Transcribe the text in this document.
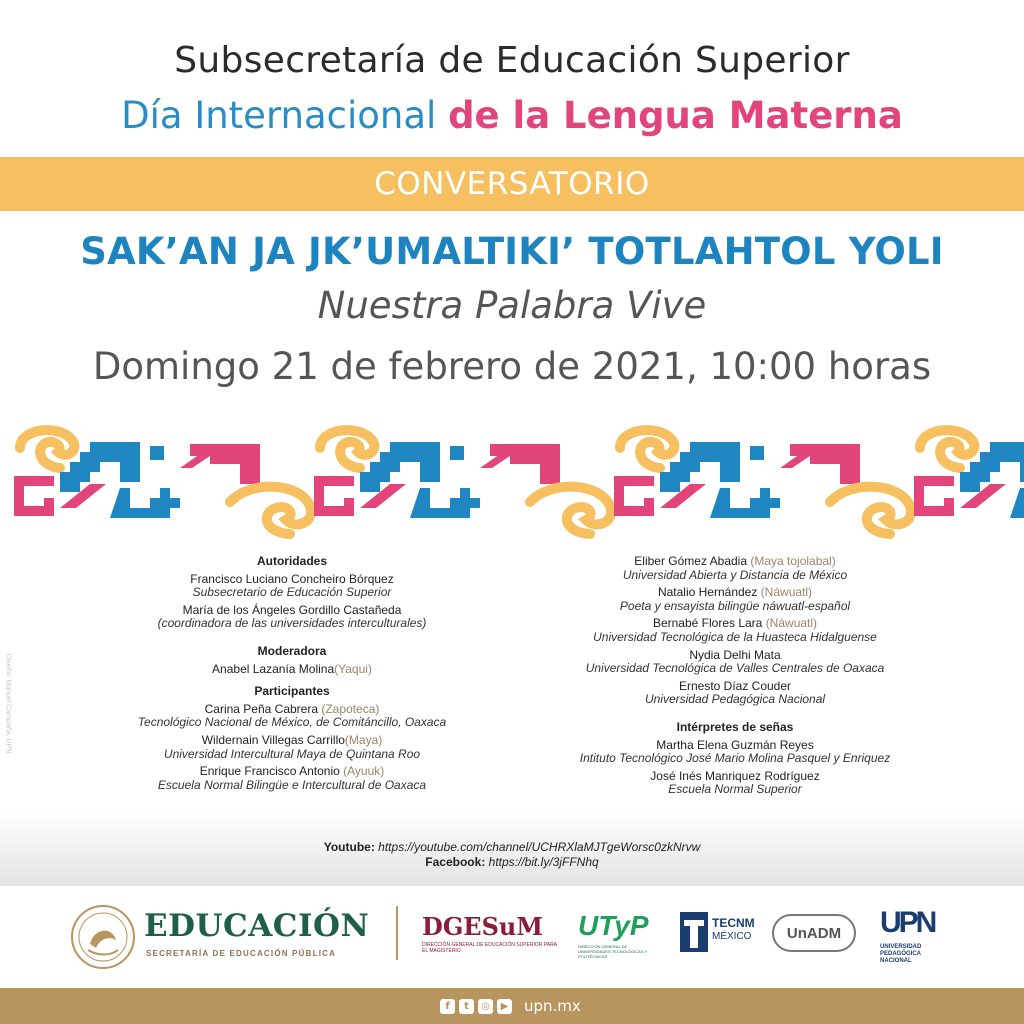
Subsecretaría de Educación Superior
Día Internacional de la Lengua Materna
CONVERSATORIO
SAK’AN JA JK’UMALTIKI’ TOTLAHTOL YOLI
Nuestra Palabra Vive
Domingo 21 de febrero de 2021, 10:00 horas
Autoridades
Francisco Luciano Concheiro Bórquez
Subsecretario de Educación Superior
María de los Ángeles Gordillo Castañeda
(coordinadora de las universidades interculturales)
Moderadora
Anabel Lazanía Molina(Yaqui)
Participantes
Carina Peña Cabrera (Zapoteca)
Tecnológico Nacional de México, de Comitáncillo, Oaxaca
Wildernain Villegas Carrillo(Maya)
Universidad Intercultural Maya de Quintana Roo
Enrique Francisco Antonio (Ayuuk)
Escuela Normal Bilingüe e Intercultural de Oaxaca
Eliber Gómez Abadia (Maya tojolabal)
Universidad Abierta y Distancia de México
Natalio Hernández (Náwuatl)
Poeta y ensayista bilingüe náwuatl-español
Bernabé Flores Lara (Náwuatl)
Universidad Tecnológica de la Huasteca Hidalguense
Nydia Delhi Mata
Universidad Tecnológica de Valles Centrales de Oaxaca
Ernesto Díaz Couder
Universidad Pedagógica Nacional
Intérpretes de señas
Martha Elena Guzmán Reyes
Intituto Tecnológico José Mario Molina Pasquel y Enriquez
José Inés Manriquez Rodríguez
Escuela Normal Superior
Diseño: Manuel Campaña, UPN
Youtube: https://youtube.com/channel/UCHRXlaMJTgeWorsc0zkNrvw
Facebook: https://bit.ly/3jFFNhq
EDUCACIÓN
SECRETARÍA DE EDUCACIÓN PÚBLICA
DGESuM
DIRECCIÓN GENERAL DE EDUCACIÓN SUPERIOR PARA EL MAGISTERIO
UTyP
DIRECCIÓN GENERAL DE UNIVERSIDADES TECNOLÓGICAS Y POLITÉCNICAS
TECNM
MÉXICO UnADM UPN
UNIVERSIDAD PEDAGÓGICA NACIONAL
f	t	◎	▶ upn.mx
